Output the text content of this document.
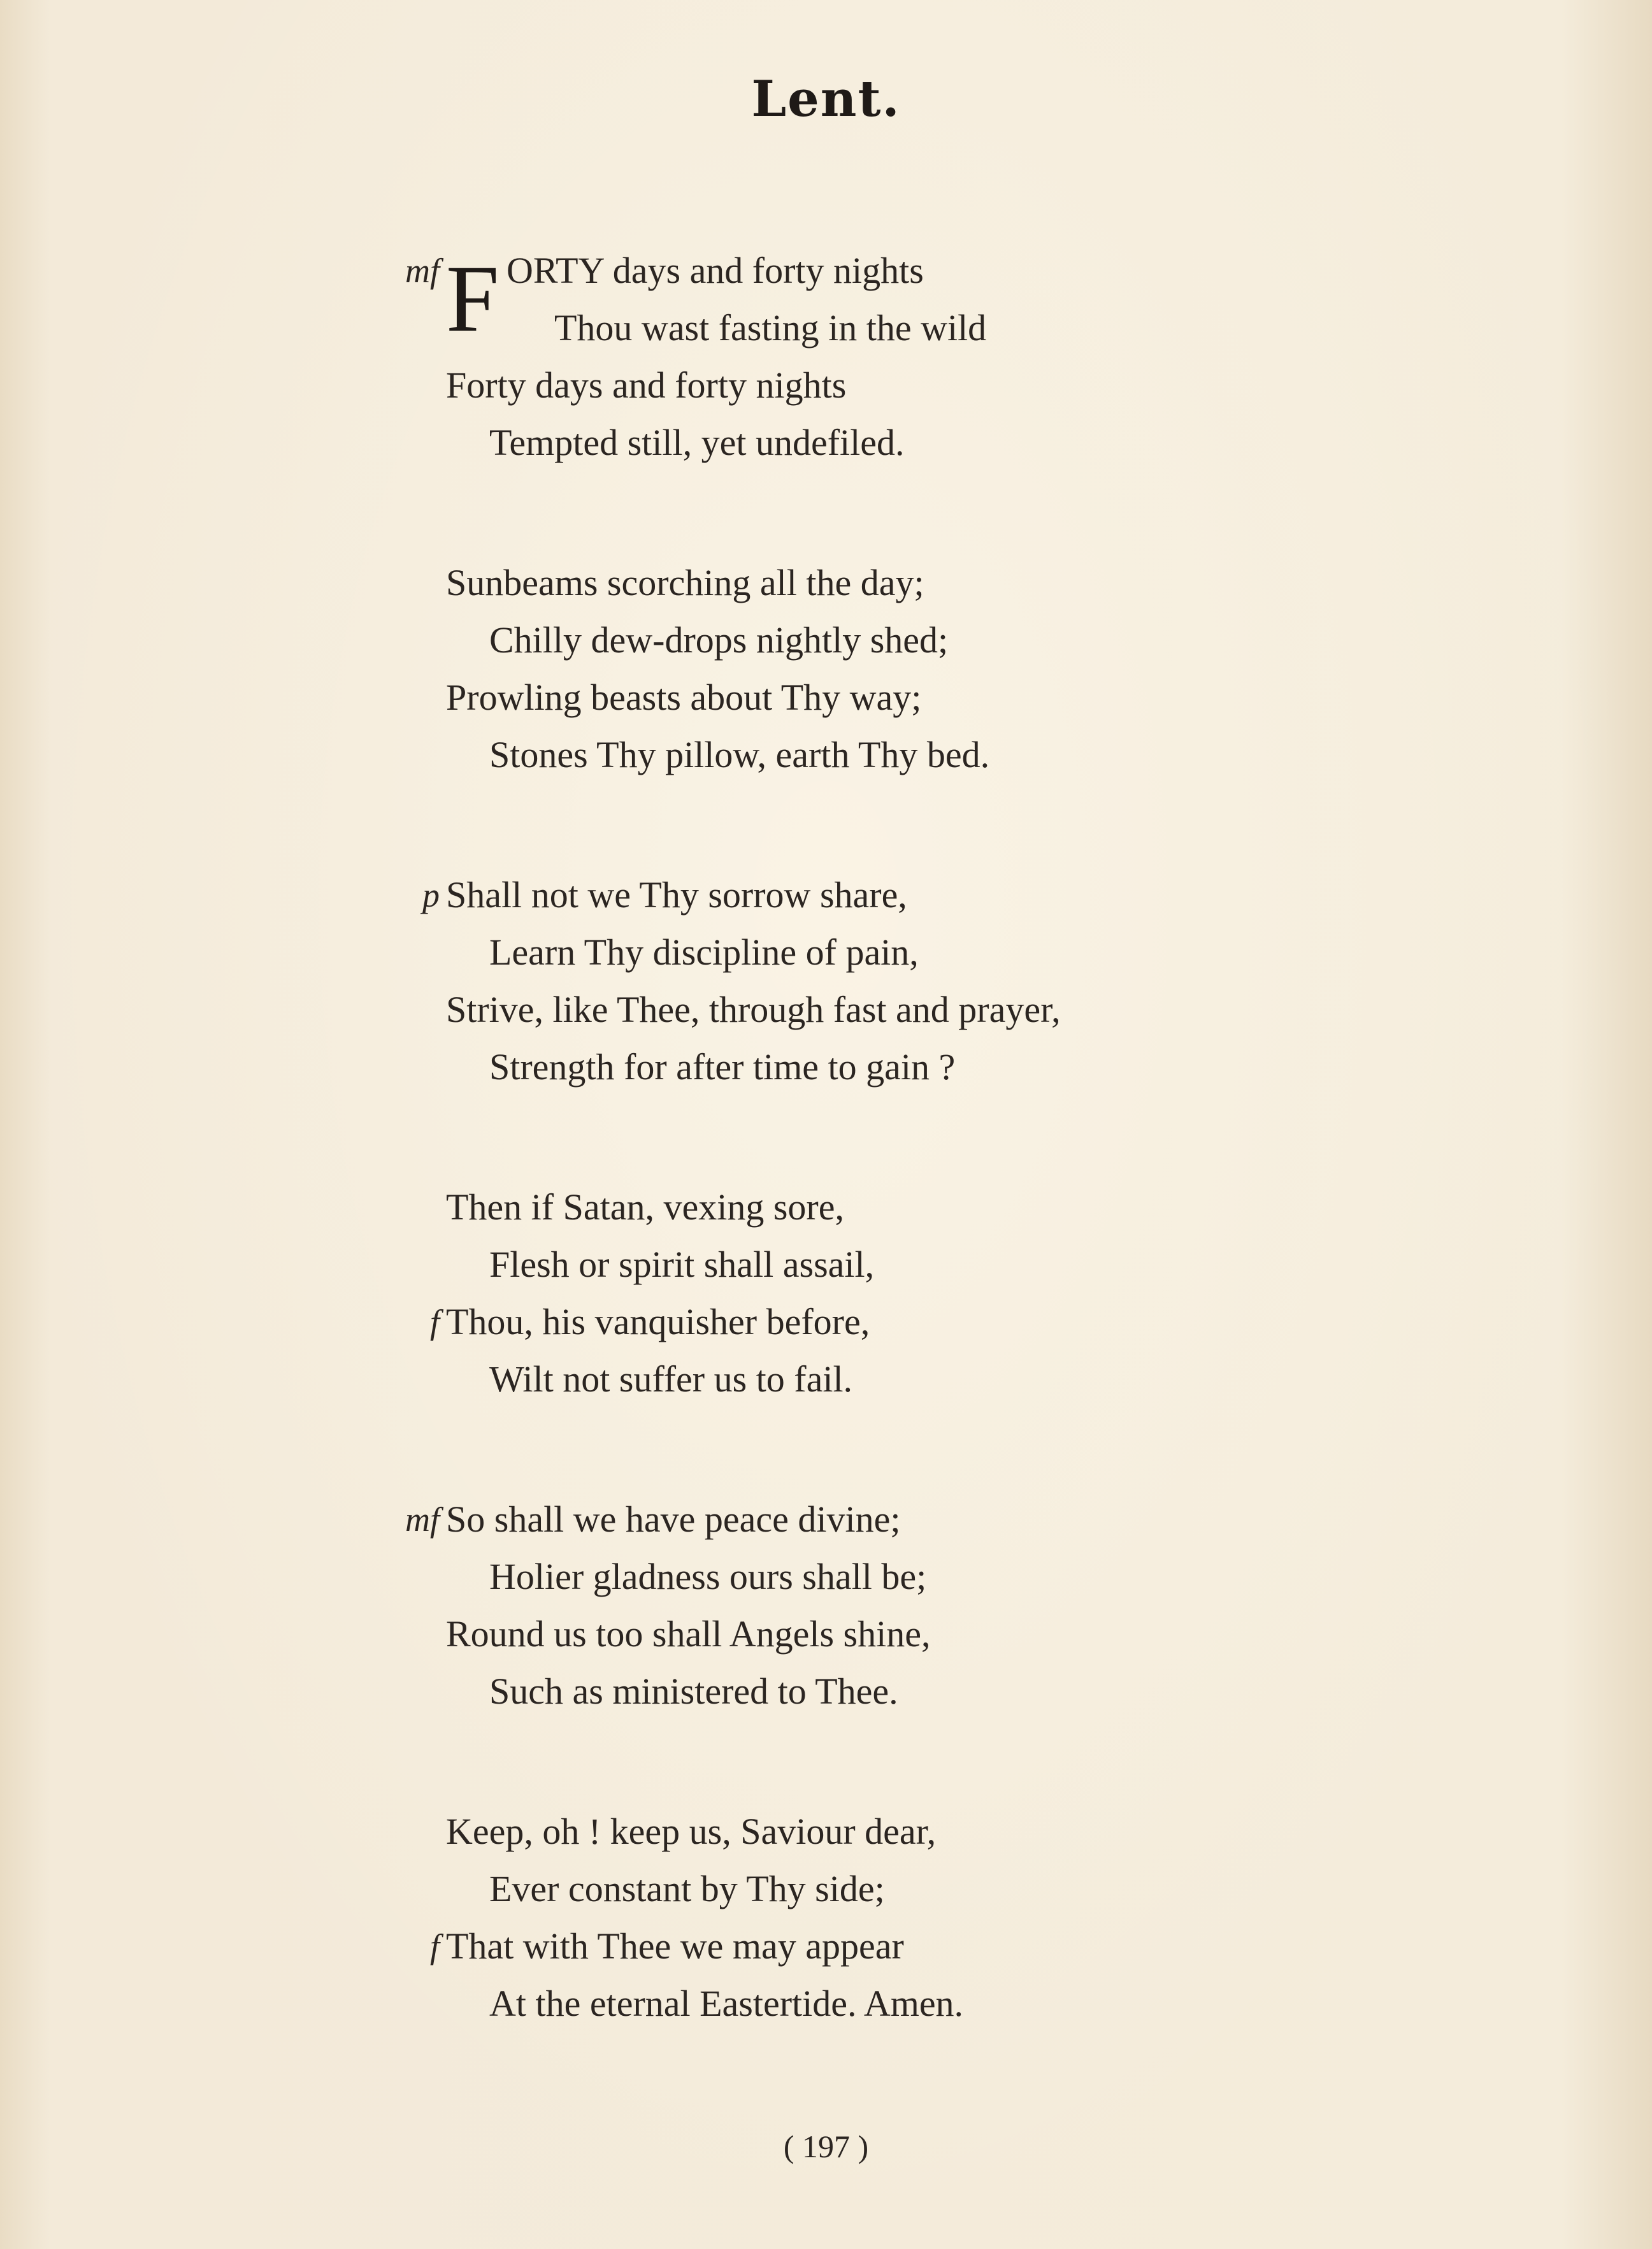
Lent.
mf F ORTY days and forty nights
Thou wast fasting in the wild
Forty days and forty nights
Tempted still, yet undefiled.
Sunbeams scorching all the day;
Chilly dew-drops nightly shed;
Prowling beasts about Thy way;
Stones Thy pillow, earth Thy bed.
p Shall not we Thy sorrow share,
Learn Thy discipline of pain,
Strive, like Thee, through fast and prayer,
Strength for after time to gain ?
Then if Satan, vexing sore,
Flesh or spirit shall assail,
f Thou, his vanquisher before,
Wilt not suffer us to fail.
mf So shall we have peace divine;
Holier gladness ours shall be;
Round us too shall Angels shine,
Such as ministered to Thee.
Keep, oh ! keep us, Saviour dear,
Ever constant by Thy side;
f That with Thee we may appear
At the eternal Eastertide. Amen.
( 197 )
